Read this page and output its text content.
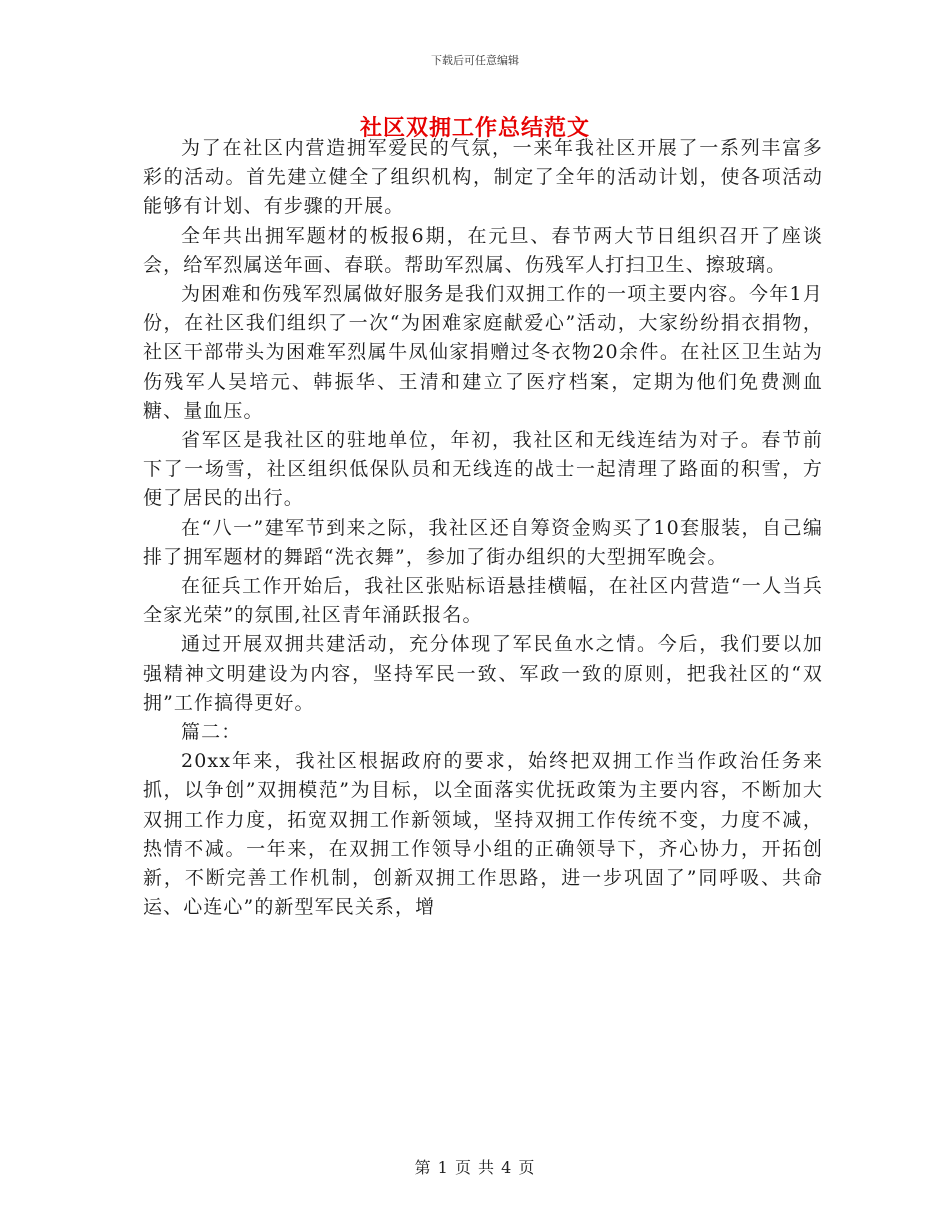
下载后可任意编辑
社区双拥工作总结范文

为了在社区内营造拥军爱民的气氛，一来年我社区开展了一系列丰富多彩的活动。首先建立健全了组织机构，制定了全年的活动计划，使各项活动能够有计划、有步骤的开展。

全年共出拥军题材的板报6期，在元旦、春节两大节日组织召开了座谈会，给军烈属送年画、春联。帮助军烈属、伤残军人打扫卫生、擦玻璃。

为困难和伤残军烈属做好服务是我们双拥工作的一项主要内容。今年1月份，在社区我们组织了一次“为困难家庭献爱心”活动，大家纷纷捐衣捐物，社区干部带头为困难军烈属牛凤仙家捐赠过冬衣物20余件。在社区卫生站为伤残军人吴培元、韩振华、王清和建立了医疗档案，定期为他们免费测血糖、量血压。

省军区是我社区的驻地单位，年初，我社区和无线连结为对子。春节前下了一场雪，社区组织低保队员和无线连的战士一起清理了路面的积雪，方便了居民的出行。

在“八一”建军节到来之际，我社区还自筹资金购买了10套服装，自己编排了拥军题材的舞蹈“洗衣舞”，参加了街办组织的大型拥军晚会。

在征兵工作开始后，我社区张贴标语悬挂横幅，在社区内营造“一人当兵全家光荣”的氛围,社区青年涌跃报名。

通过开展双拥共建活动，充分体现了军民鱼水之情。今后，我们要以加强精神文明建设为内容，坚持军民一致、军政一致的原则，把我社区的“双拥”工作搞得更好。

篇二：

20xx年来，我社区根据政府的要求，始终把双拥工作当作政治任务来抓，以争创”双拥模范”为目标，以全面落实优抚政策为主要内容，不断加大双拥工作力度，拓宽双拥工作新领域，坚持双拥工作传统不变，力度不减，热情不减。一年来，在双拥工作领导小组的正确领导下，齐心协力，开拓创新，不断完善工作机制，创新双拥工作思路，进一步巩固了”同呼吸、共命运、心连心”的新型军民关系，增

第 1 页 共 4 页
